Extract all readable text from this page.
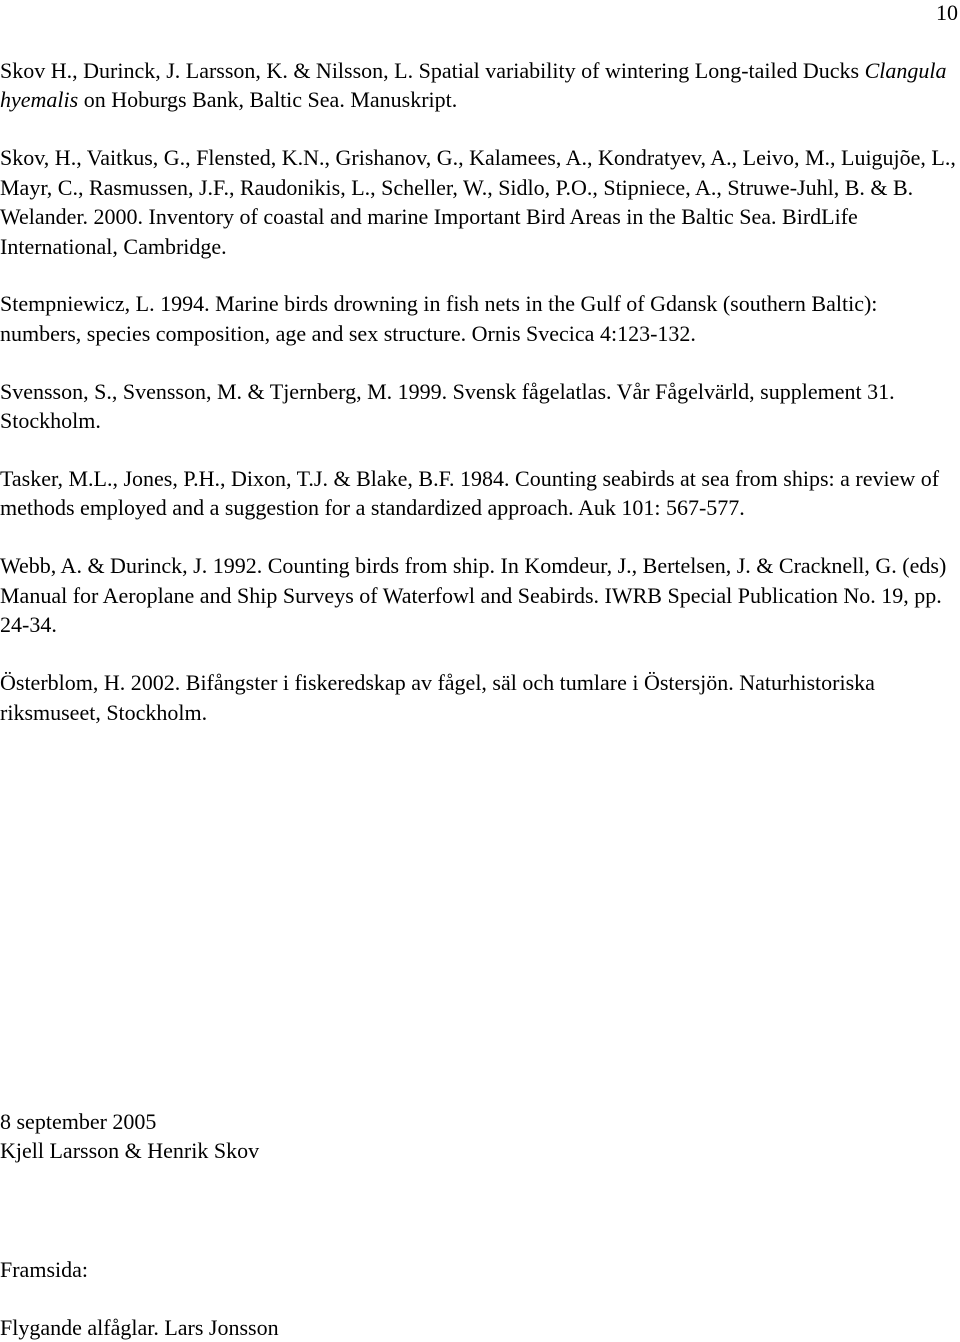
10

Skov H., Durinck, J. Larsson, K. & Nilsson, L. Spatial variability of wintering Long-tailed Ducks Clangula hyemalis on Hoburgs Bank, Baltic Sea. Manuskript.

Skov, H., Vaitkus, G., Flensted, K.N., Grishanov, G., Kalamees, A., Kondratyev, A., Leivo, M., Luigujõe, L., Mayr, C., Rasmussen, J.F., Raudonikis, L., Scheller, W., Sidlo, P.O., Stipniece, A., Struwe-Juhl, B. & B. Welander. 2000. Inventory of coastal and marine Important Bird Areas in the Baltic Sea. BirdLife International, Cambridge.

Stempniewicz, L. 1994. Marine birds drowning in fish nets in the Gulf of Gdansk (southern Baltic): numbers, species composition, age and sex structure. Ornis Svecica 4:123-132.

Svensson, S., Svensson, M. & Tjernberg, M. 1999. Svensk fågelatlas. Vår Fågelvärld, supplement 31. Stockholm.

Tasker, M.L., Jones, P.H., Dixon, T.J. & Blake, B.F. 1984. Counting seabirds at sea from ships: a review of methods employed and a suggestion for a standardized approach. Auk 101: 567-577.

Webb, A. & Durinck, J. 1992. Counting birds from ship. In Komdeur, J., Bertelsen, J. & Cracknell, G. (eds) Manual for Aeroplane and Ship Surveys of Waterfowl and Seabirds. IWRB Special Publication No. 19, pp. 24-34.

Österblom, H. 2002. Bifångster i fiskeredskap av fågel, säl och tumlare i Östersjön. Naturhistoriska riksmuseet, Stockholm.

8 september 2005

Kjell Larsson & Henrik Skov

Framsida:

Flygande alfåglar. Lars Jonsson
